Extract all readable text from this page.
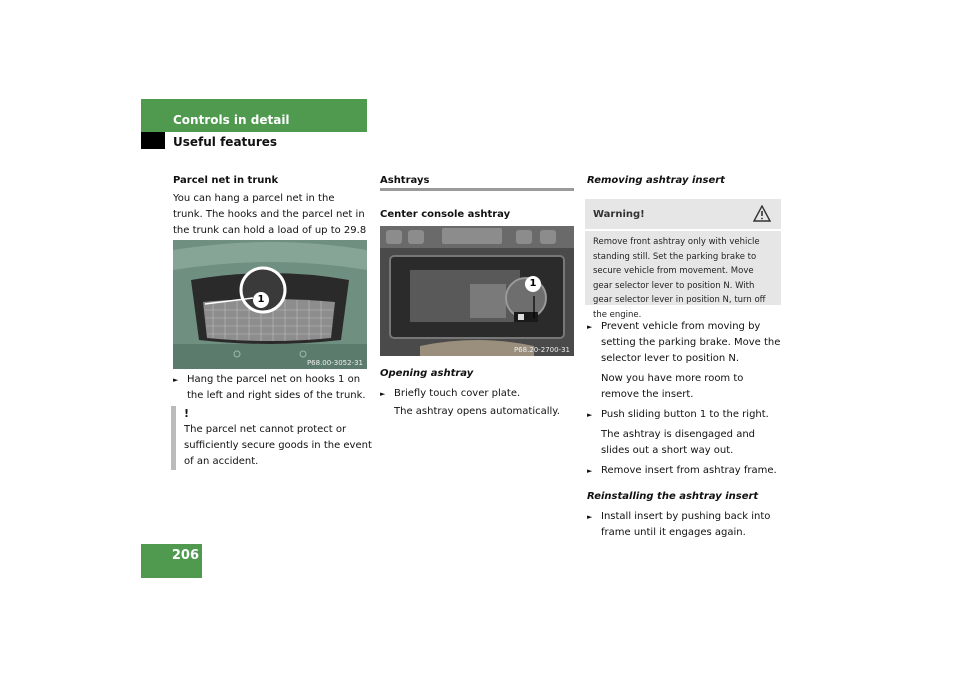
Controls in detail
Useful features

Parcel net in trunk

You can hang a parcel net in the trunk. The hooks and the parcel net in the trunk can hold a load of up to 29.8

1
P68.00-3052-31
► Hang the parcel net on hooks 1 on the left and right sides of the trunk.
!
The parcel net cannot protect or sufficiently secure goods in the event of an accident.
Ashtrays
Center console ashtray
1
P68.20-2700-31

Opening ashtray

► Briefly touch cover plate.

The ashtray opens automatically.

Removing ashtray insert
Warning!
Remove front ashtray only with vehicle standing still. Set the parking brake to secure vehicle from movement. Move gear selector lever to position N. With gear selector lever in position N, turn off the engine.

► Prevent vehicle from moving by setting the parking brake. Move the selector lever to position N.

Now you have more room to remove the insert.

► Push sliding button 1 to the right.

The ashtray is disengaged and slides out a short way out.

► Remove insert from ashtray frame.

Reinstalling the ashtray insert

► Install insert by pushing back into frame until it engages again.

206
